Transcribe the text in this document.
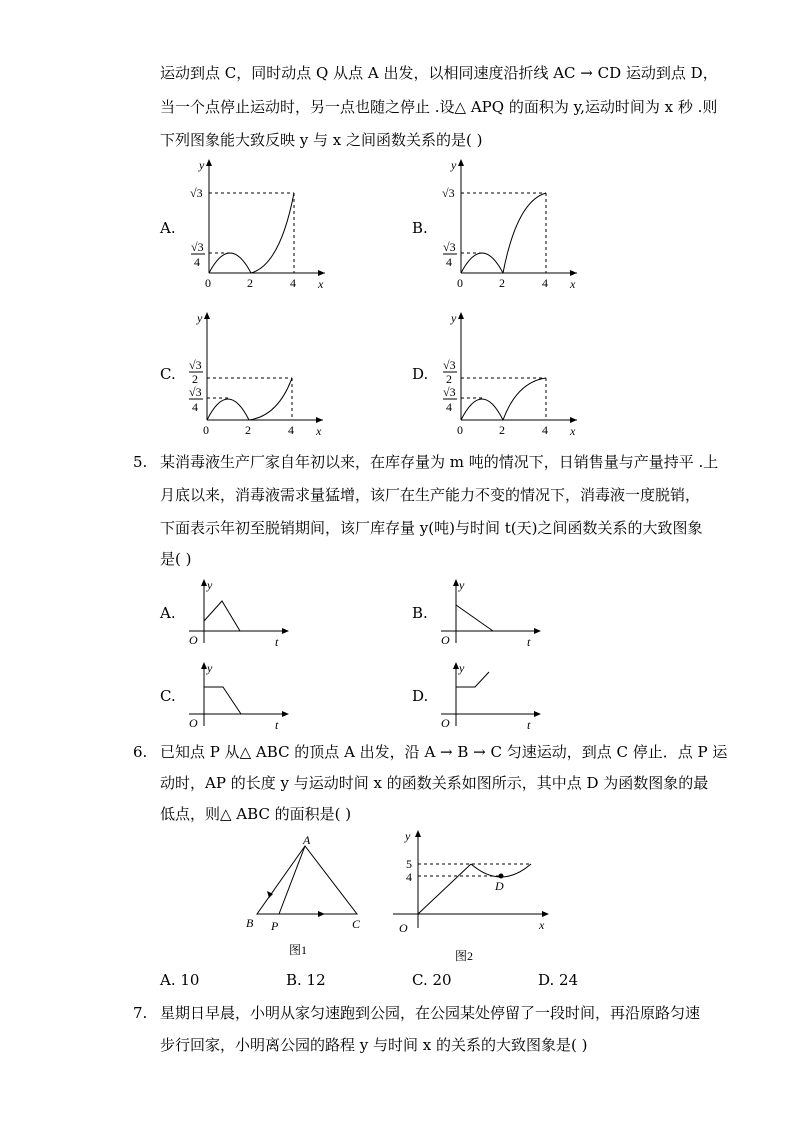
运动到点 C，同时动点 Q 从点 A 出发，以相同速度沿折线 AC → CD 运动到点 D，
当一个点停止运动时，另一点也随之停止 .设△ APQ 的面积为 y,运动时间为 x 秒 .则
下列图象能大致反映 y 与 x 之间函数关系的是( )
A.	B.
C.	D.
y
x
0	2	4
√3
√3
4
y
x
0	2	4
√3
√3
4
y
x
0	2	4
√3
2
√3
4
y
x
0	2	4
√3
2
√3
4
5. 某消毒液生产厂家自年初以来，在库存量为 m 吨的情况下，日销售量与产量持平 .上
月底以来，消毒液需求量猛增，该厂在生产能力不变的情况下，消毒液一度脱销，
下面表示年初至脱销期间，该厂库存量 y(吨)与时间 t(天)之间函数关系的大致图象
是( )
A.	B.
C.	D.
y
O	t
y
O	t
y
O	t
y
O	t
6. 已知点 P 从△ ABC 的顶点 A 出发，沿 A → B → C 匀速运动，到点 C 停止．点 P 运
动时，AP 的长度 y 与运动时间 x 的函数关系如图所示，其中点 D 为函数图象的最
低点，则△ ABC 的面积是( )
A
B	C
P
图1
y
x
O
5
4
D
图2
A. 10	B. 12	C. 20	D. 24
7. 星期日早晨，小明从家匀速跑到公园，在公园某处停留了一段时间，再沿原路匀速
步行回家，小明离公园的路程 y 与时间 x 的关系的大致图象是( )
